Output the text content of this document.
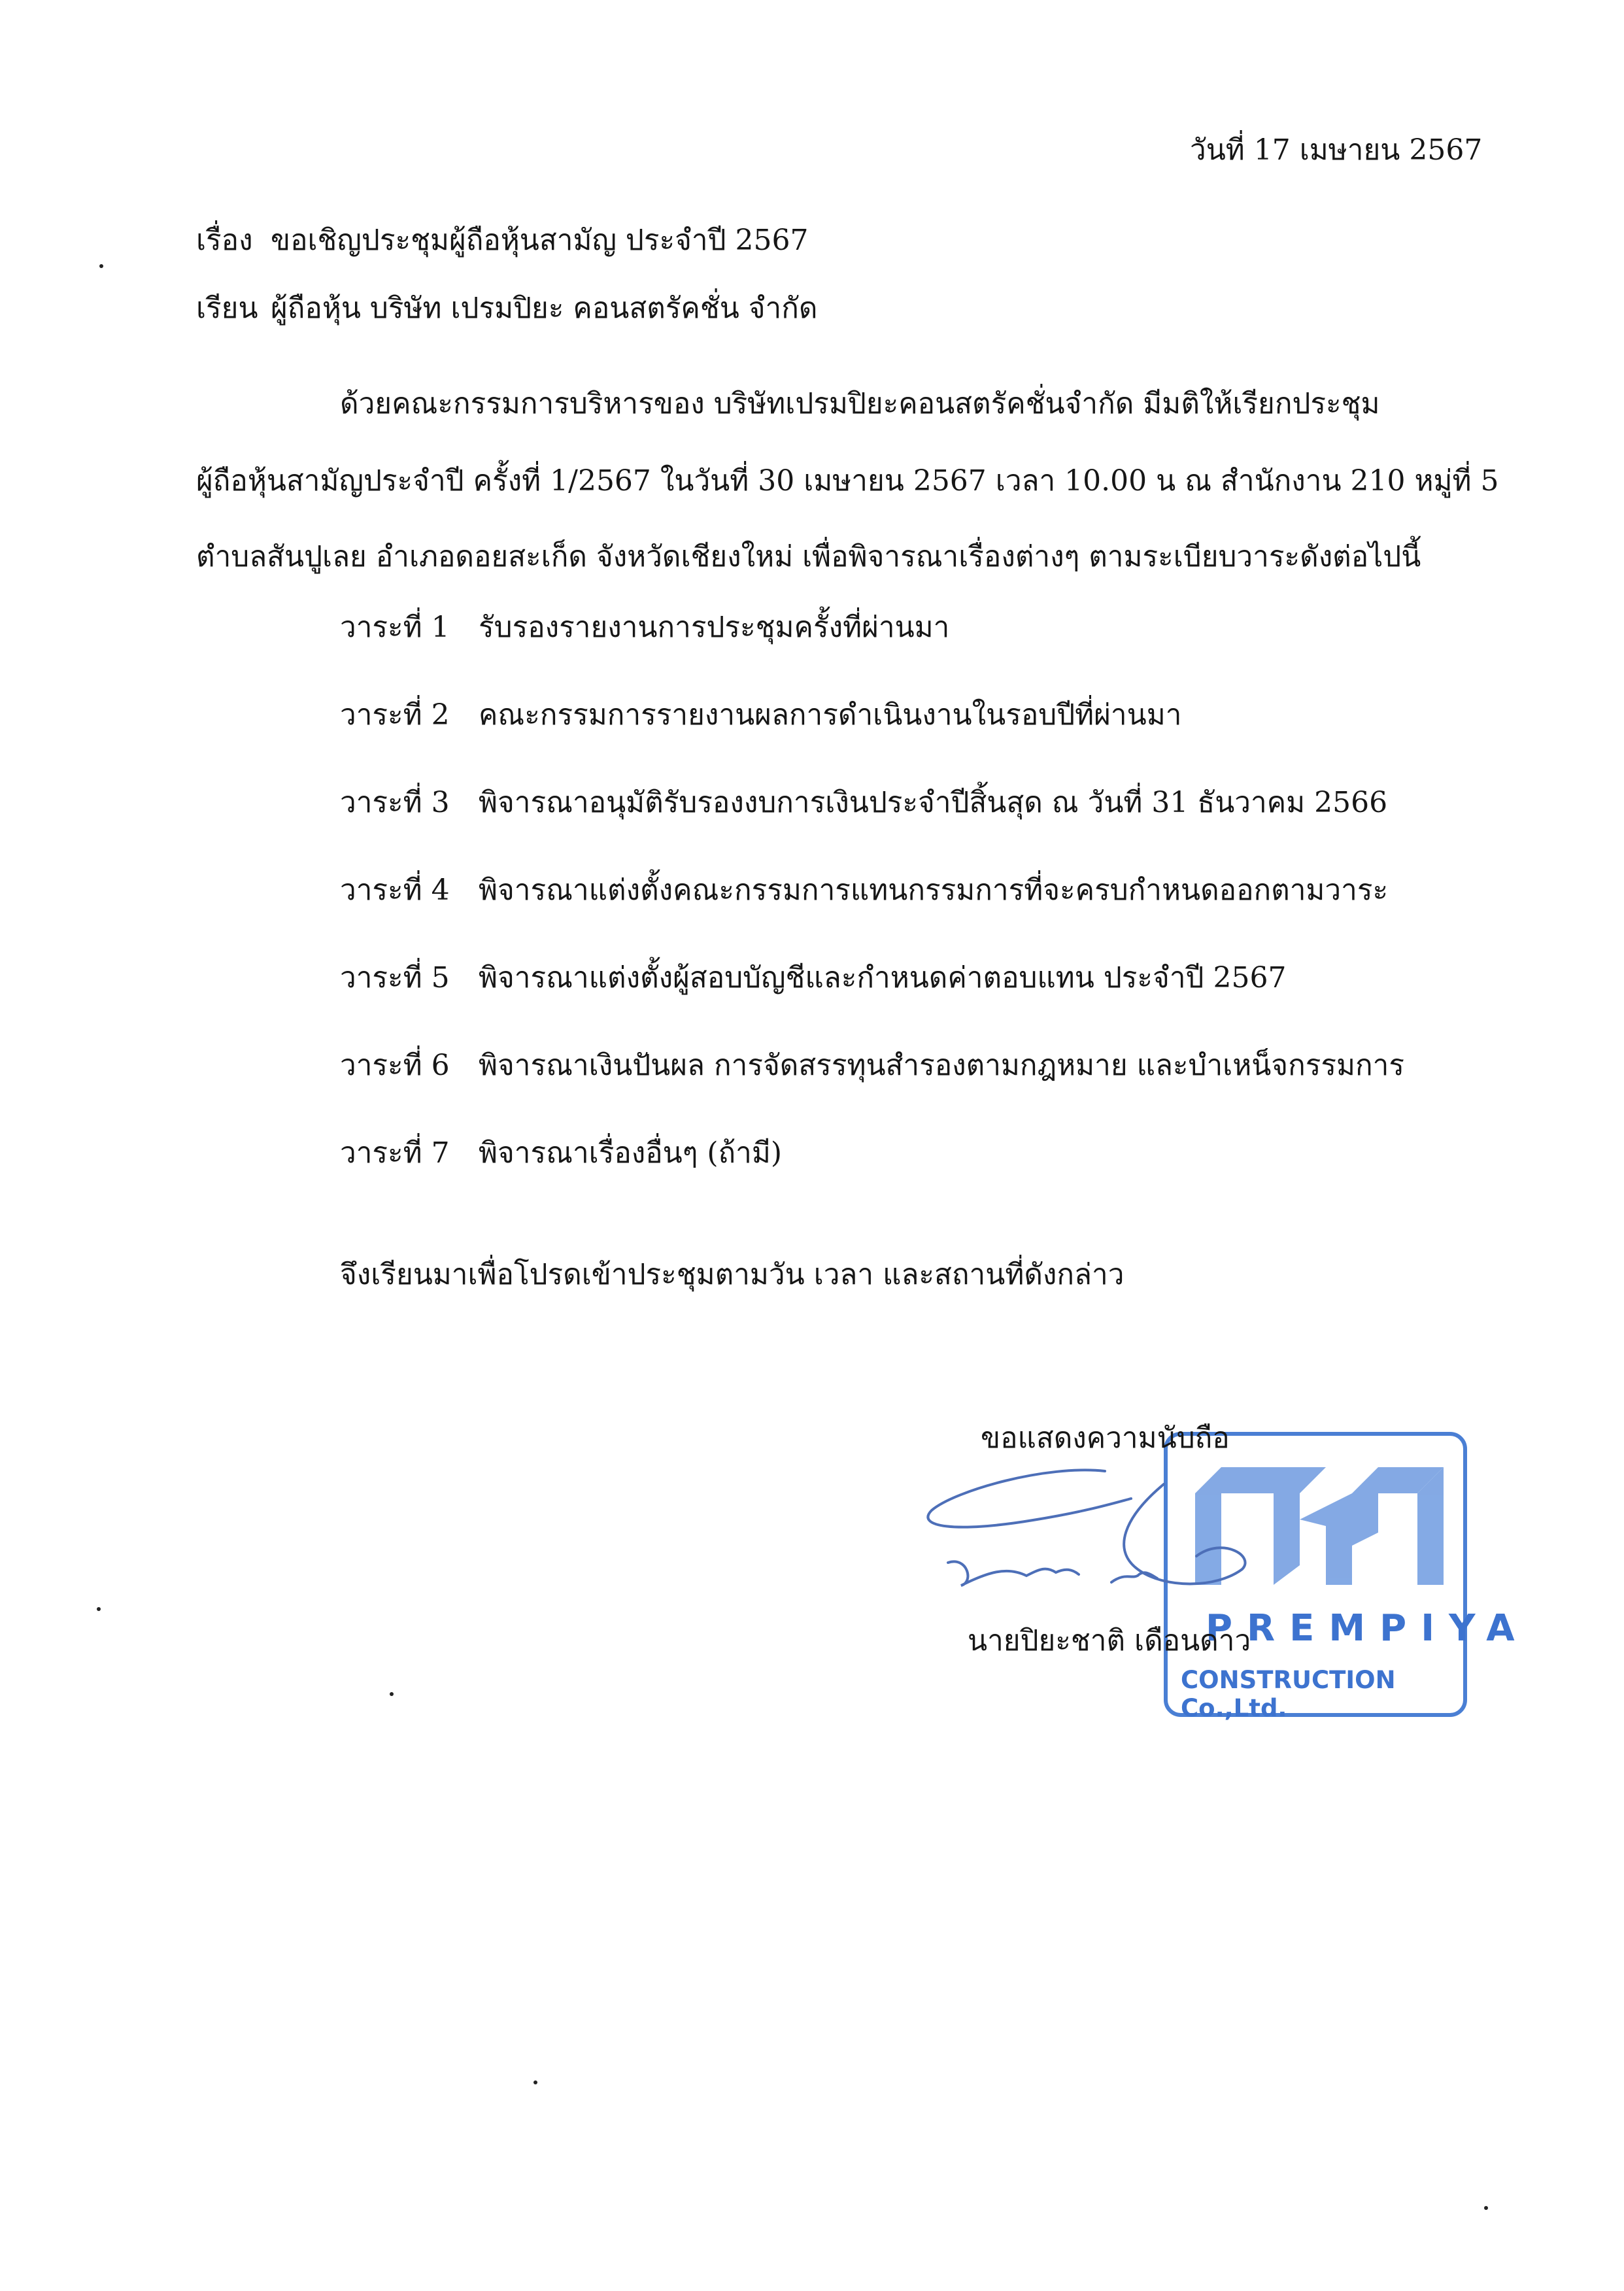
วันที่ 17 เมษายน 2567
เรื่อง ขอเชิญประชุมผู้ถือหุ้นสามัญ ประจำปี 2567
เรียน ผู้ถือหุ้น บริษัท เปรมปิยะ คอนสตรัคชั่น จำกัด
ด้วยคณะกรรมการบริหารของ บริษัทเปรมปิยะคอนสตรัคชั่นจำกัด มีมติให้เรียกประชุม
ผู้ถือหุ้นสามัญประจำปี ครั้งที่ 1/2567 ในวันที่ 30 เมษายน 2567 เวลา 10.00 น ณ สำนักงาน 210 หมู่ที่ 5
ตำบลสันปูเลย อำเภอดอยสะเก็ด จังหวัดเชียงใหม่ เพื่อพิจารณาเรื่องต่างๆ ตามระเบียบวาระดังต่อไปนี้
วาระที่ 1 รับรองรายงานการประชุมครั้งที่ผ่านมา
วาระที่ 2 คณะกรรมการรายงานผลการดำเนินงานในรอบปีที่ผ่านมา
วาระที่ 3 พิจารณาอนุมัติรับรองงบการเงินประจำปีสิ้นสุด ณ วันที่ 31 ธันวาคม 2566
วาระที่ 4 พิจารณาแต่งตั้งคณะกรรมการแทนกรรมการที่จะครบกำหนดออกตามวาระ
วาระที่ 5 พิจารณาแต่งตั้งผู้สอบบัญชีและกำหนดค่าตอบแทน ประจำปี 2567
วาระที่ 6 พิจารณาเงินปันผล การจัดสรรทุนสำรองตามกฎหมาย และบำเหน็จกรรมการ
วาระที่ 7 พิจารณาเรื่องอื่นๆ (ถ้ามี)
จึงเรียนมาเพื่อโปรดเข้าประชุมตามวัน เวลา และสถานที่ดังกล่าว
PREMPIYA
CONSTRUCTION Co.,Ltd.
ขอแสดงความนับถือ
นายปิยะชาติ เดือนดาว
